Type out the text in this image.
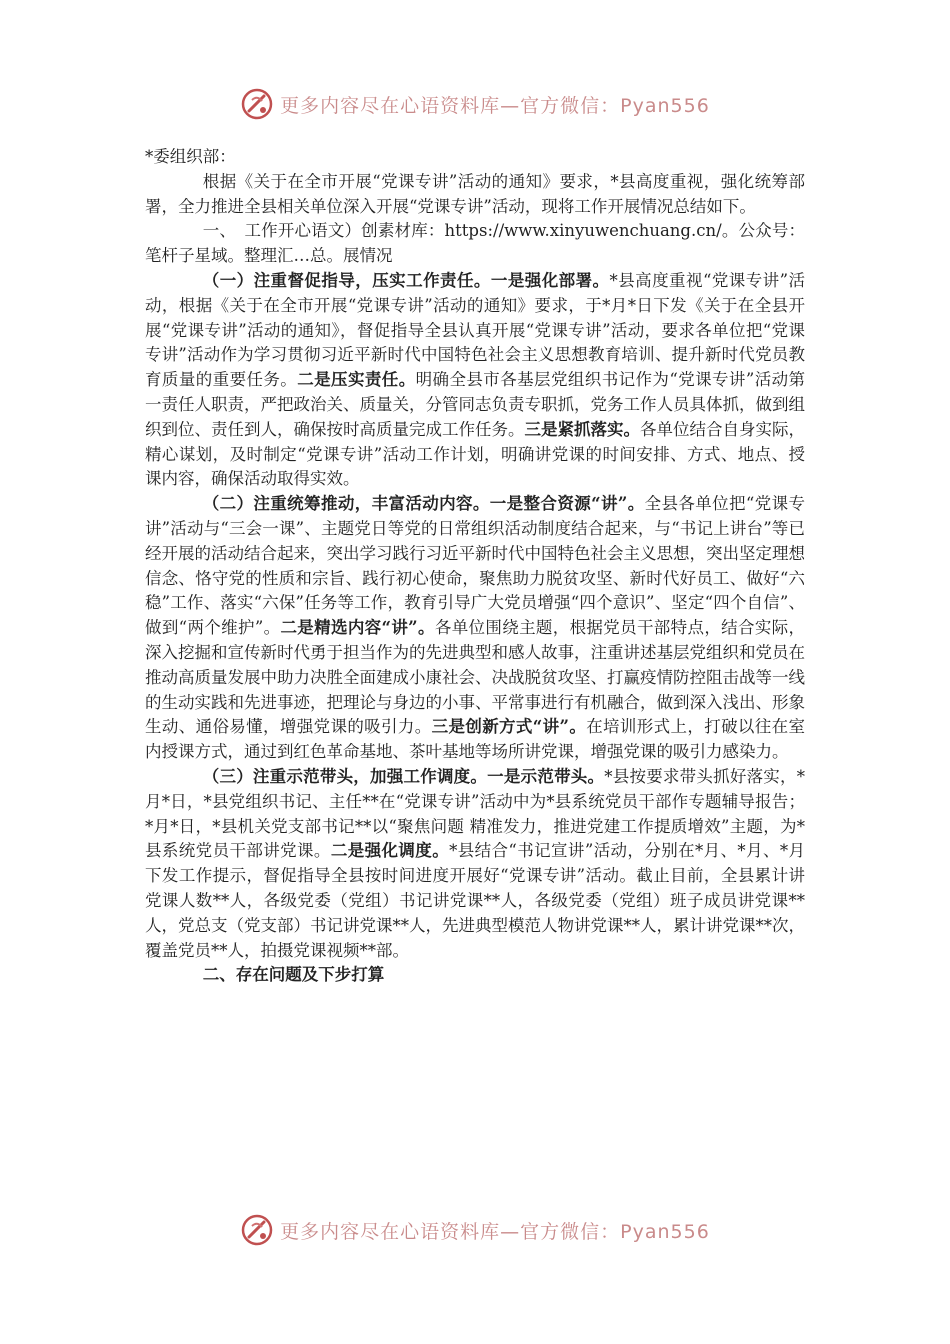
更多内容尽在心语资料库—官方微信：Pyan556

*委组织部：

根据《关于在全市开展“党课专讲”活动的通知》要求，*县高度重视，强化统筹部署，全力推进全县相关单位深入开展“党课专讲”活动，现将工作开展情况总结如下。

一、　工作开心语文）创素材库：https://www.xinyuwenchuang.cn/。公众号：笔杆子星域。整理汇…总。展情况

（一）注重督促指导，压实工作责任。一是强化部署。*县高度重视“党课专讲”活动，根据《关于在全市开展“党课专讲”活动的通知》要求，于*月*日下发《关于在全县开展“党课专讲”活动的通知》，督促指导全县认真开展“党课专讲”活动，要求各单位把“党课专讲”活动作为学习贯彻习近平新时代中国特色社会主义思想教育培训、提升新时代党员教育质量的重要任务。二是压实责任。明确全县市各基层党组织书记作为“党课专讲”活动第一责任人职责，严把政治关、质量关，分管同志负责专职抓，党务工作人员具体抓，做到组织到位、责任到人，确保按时高质量完成工作任务。三是紧抓落实。各单位结合自身实际，精心谋划，及时制定“党课专讲”活动工作计划，明确讲党课的时间安排、方式、地点、授课内容，确保活动取得实效。

（二）注重统筹推动，丰富活动内容。一是整合资源“讲”。全县各单位把“党课专讲”活动与“三会一课”、主题党日等党的日常组织活动制度结合起来，与“书记上讲台”等已经开展的活动结合起来，突出学习践行习近平新时代中国特色社会主义思想，突出坚定理想信念、恪守党的性质和宗旨、践行初心使命，聚焦助力脱贫攻坚、新时代好员工、做好“六稳”工作、落实“六保”任务等工作，教育引导广大党员增强“四个意识”、坚定“四个自信”、做到“两个维护”。二是精选内容“讲”。各单位围绕主题，根据党员干部特点，结合实际，深入挖掘和宣传新时代勇于担当作为的先进典型和感人故事，注重讲述基层党组织和党员在推动高质量发展中助力决胜全面建成小康社会、决战脱贫攻坚、打赢疫情防控阻击战等一线的生动实践和先进事迹，把理论与身边的小事、平常事进行有机融合，做到深入浅出、形象生动、通俗易懂，增强党课的吸引力。三是创新方式“讲”。在培训形式上，打破以往在室内授课方式，通过到红色革命基地、茶叶基地等场所讲党课，增强党课的吸引力感染力。

（三）注重示范带头，加强工作调度。一是示范带头。*县按要求带头抓好落实，*月*日，*县党组织书记、主任**在“党课专讲”活动中为*县系统党员干部作专题辅导报告；*月*日，*县机关党支部书记**以“聚焦问题 精准发力，推进党建工作提质增效”主题，为*县系统党员干部讲党课。二是强化调度。*县结合“书记宣讲”活动，分别在*月、*月、*月下发工作提示，督促指导全县按时间进度开展好“党课专讲”活动。截止目前，全县累计讲党课人数**人，各级党委（党组）书记讲党课**人，各级党委（党组）班子成员讲党课**人，党总支（党支部）书记讲党课**人，先进典型模范人物讲党课**人，累计讲党课**次，覆盖党员**人，拍摄党课视频**部。

二、存在问题及下步打算

更多内容尽在心语资料库—官方微信：Pyan556
